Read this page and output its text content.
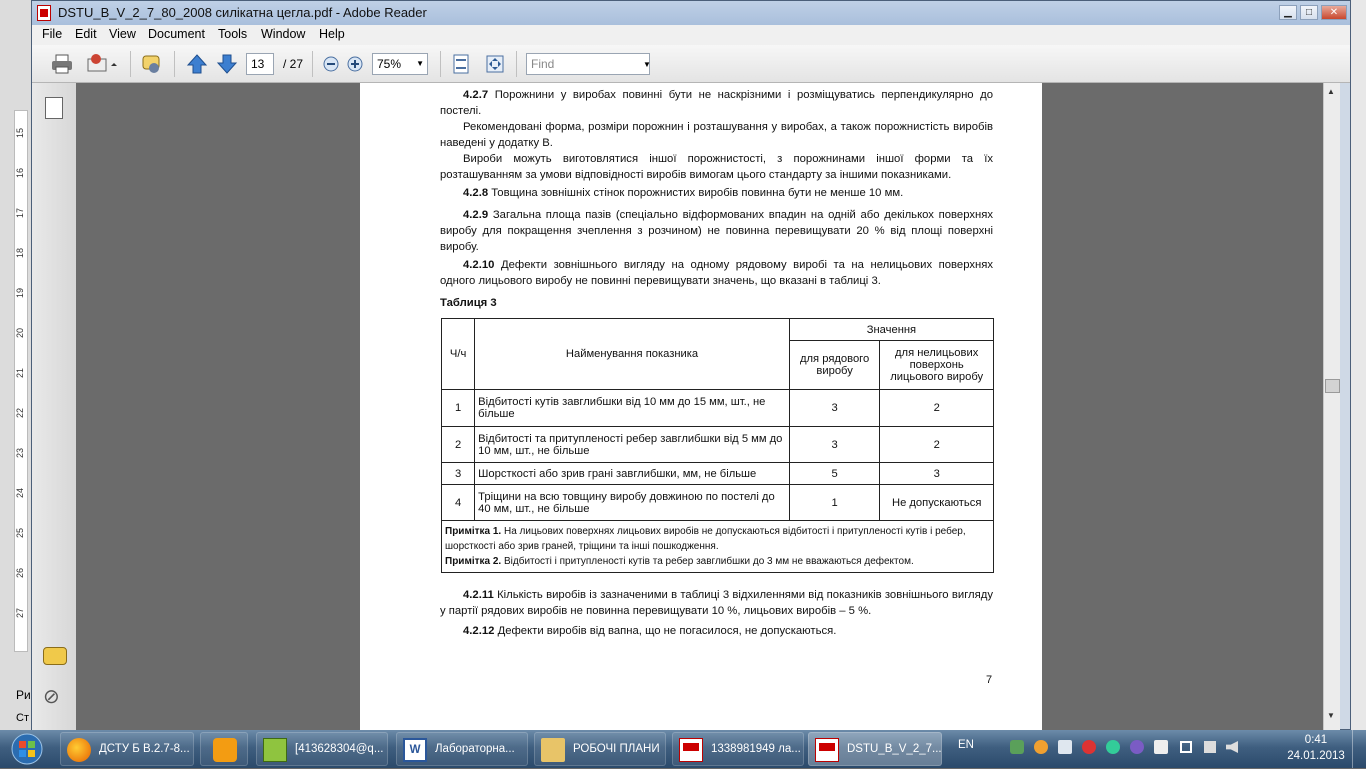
15
16
17
18
19
20
21
22
23
24
25
26
27
Ри
Ст
DSTU_B_V_2_7_80_2008 силікатна цегла.pdf - Adobe Reader	▁	□	✕
File Edit View Document Tools Window Help
13	/ 27	75% ▼	Find	▼
⊘
4.2.7 Порожнини у виробах повинні бути не наскрізними і розміщуватись перпендикулярно до постелі.
Рекомендовані форма, розміри порожнин і розташування у виробах, а також порожнистість виробів наведені у додатку В.
Вироби можуть виготовлятися іншої порожнистості, з порожнинами іншої форми та їх розташуванням за умови відповідності виробів вимогам цього стандарту за іншими показниками.
4.2.8 Товщина зовнішніх стінок порожнистих виробів повинна бути не менше 10 мм.
4.2.9 Загальна площа пазів (спеціально відформованих впадин на одній або декількох поверхнях виробу для покращення зчеплення з розчином) не повинна перевищувати 20 % від площі поверхні виробу.
4.2.10 Дефекти зовнішнього вигляду на одному рядовому виробі та на нелицьових поверхнях одного лицьового виробу не повинні перевищувати значень, що вказані в таблиці 3.
Таблиця 3
Ч/ч	Найменування показника	Значення	
		для рядового виробу	для нелицьових поверхонь лицьового виробу
1	Відбитості кутів завглибшки від 10 мм до 15 мм, шт., не більше	3	2
2	Відбитості та притупленості ребер завглибшки від 5 мм до 10 мм, шт., не більше	3	2
3	Шорсткості або зрив грані завглибшки, мм, не більше	5	3
4	Тріщини на всю товщину виробу довжиною по постелі до 40 мм, шт., не більше	1	Не допускаються

Примітка 1. На лицьових поверхнях лицьових виробів не допускаються відбитості і притупленості кутів і ребер, шорсткості або зрив граней, тріщини та інші пошкодження.
Примітка 2. Відбитості і притупленості кутів та ребер завглибшки до 3 мм не вважаються дефектом.			
4.2.11 Кількість виробів із зазначеними в таблиці 3 відхиленнями від показників зовнішнього вигляду у партії рядових виробів не повинна перевищувати 10 %, лицьових виробів – 5 %.
4.2.12 Дефекти виробів від вапна, що не погасилося, не допускаються.
7
▲
▼
ДСТУ Б В.2.7-8...	[413628304@q...	W	Лабораторна...	РОБОЧІ ПЛАНИ	1338981949 ла...	DSTU_B_V_2_7... EN	0:41
24.01.2013
